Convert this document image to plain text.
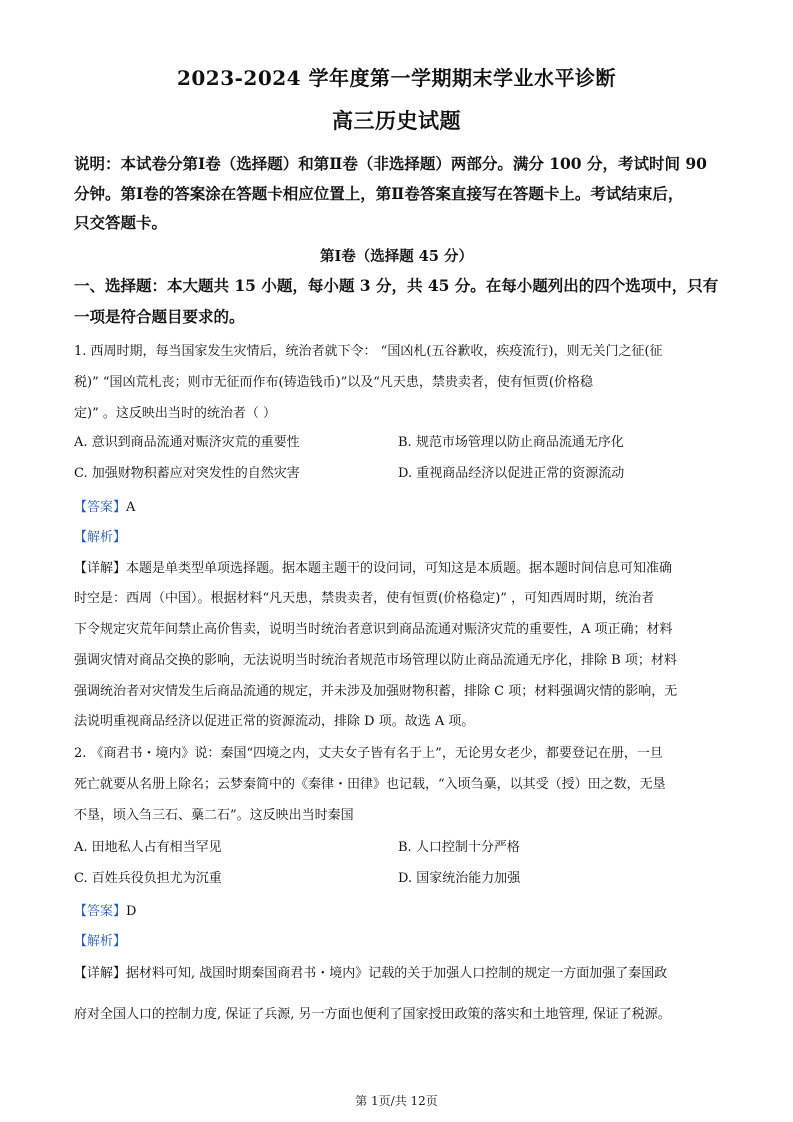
2023-2024 学年度第一学期期末学业水平诊断
高三历史试题
说明：本试卷分第Ⅰ卷（选择题）和第Ⅱ卷（非选择题）两部分。满分 100 分，考试时间 90
分钟。第Ⅰ卷的答案涂在答题卡相应位置上，第Ⅱ卷答案直接写在答题卡上。考试结束后，
只交答题卡。
第Ⅰ卷（选择题 45 分）
一、选择题：本大题共 15 小题，每小题 3 分，共 45 分。在每小题列出的四个选项中，只有
一项是符合题目要求的。
1. 西周时期，每当国家发生灾情后，统治者就下令： “国凶札(五谷歉收，疾疫流行)，则无关门之征(征
税)” “国凶荒札丧；则市无征而作布(铸造钱币)”以及“凡天患，禁贵卖者，使有恒贾(价格稳
定)” 。这反映出当时的统治者（ ）
A. 意识到商品流通对赈济灾荒的重要性	B. 规范市场管理以防止商品流通无序化
C. 加强财物积蓄应对突发性的自然灾害	D. 重视商品经济以促进正常的资源流动
【答案】A
【解析】
【详解】本题是单类型单项选择题。据本题主题干的设问词，可知这是本质题。据本题时间信息可知准确
时空是：西周（中国）。根据材料“凡天患，禁贵卖者，使有恒贾(价格稳定)” ，可知西周时期，统治者
下令规定灾荒年间禁止高价售卖，说明当时统治者意识到商品流通对赈济灾荒的重要性，A 项正确；材料
强调灾情对商品交换的影响，无法说明当时统治者规范市场管理以防止商品流通无序化，排除 B 项；材料
强调统治者对灾情发生后商品流通的规定，并未涉及加强财物积蓄，排除 C 项；材料强调灾情的影响，无
法说明重视商品经济以促进正常的资源流动，排除 D 项。故选 A 项。
2. 《商君书・境内》说：秦国“四境之内，丈夫女子皆有名于上”，无论男女老少，都要登记在册，一旦
死亡就要从名册上除名；云梦秦简中的《秦律・田律》也记载，“入顷刍稾，以其受（授）田之数，无垦
不垦，顷入刍三石、稾二石”。这反映出当时秦国
A. 田地私人占有相当罕见	B. 人口控制十分严格
C. 百姓兵役负担尤为沉重	D. 国家统治能力加强
【答案】D
【解析】
【详解】据材料可知, 战国时期秦国商君书・境内》记载的关于加强人口控制的规定一方面加强了秦国政
府对全国人口的控制力度, 保证了兵源, 另一方面也便利了国家授田政策的落实和土地管理, 保证了税源。
第 1页/共 12页
